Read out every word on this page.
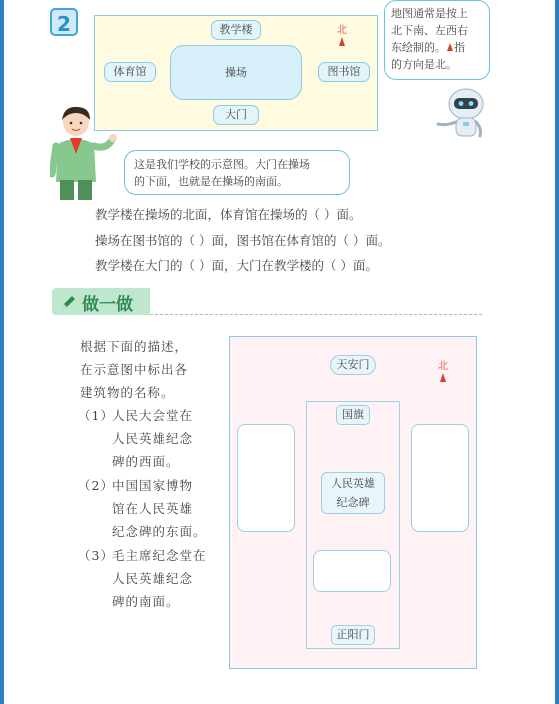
2	教学楼
体育馆	操场	图书馆
大门
北
地图通常是按上
北下南、左西右
东绘制的。 指
的方向是北。
这是我们学校的示意图。大门在操场
的下面，也就是在操场的南面。
教学楼在操场的北面，体育馆在操场的（ ）面。
操场在图书馆的（ ）面，图书馆在体育馆的（ ）面。
教学楼在大门的（ ）面，大门在教学楼的（ ）面。
做一做
根据下面的描述，
在示意图中标出各
建筑物的名称。
（1）
人民大会堂在
人民英雄纪念
碑的西面。
（2）
中国国家博物
馆在人民英雄
纪念碑的东面。
（3）
毛主席纪念堂在
人民英雄纪念
碑的南面。
天安门	北
国旗
人民英雄
纪念碑
正阳门
